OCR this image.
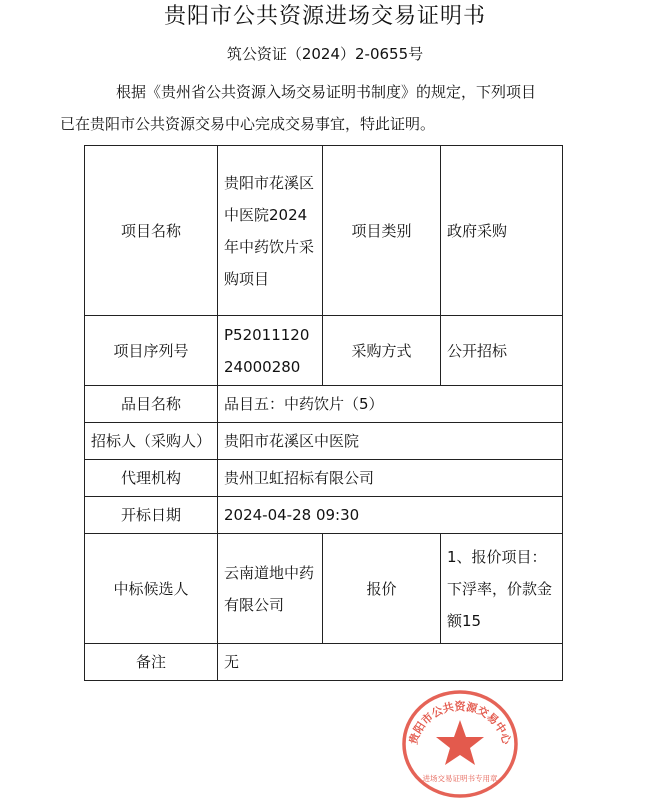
贵阳市公共资源进场交易证明书
筑公资证（2024）2-0655号
根据《贵州省公共资源入场交易证明书制度》的规定，下列项目
已在贵阳市公共资源交易中心完成交易事宜，特此证明。
项目名称	贵阳市花溪区中医院2024年中药饮片采购项目	项目类别	政府采购
项目序列号	P52011120 24000280	采购方式	公开招标
品目名称	品目五：中药饮片（5）		
招标人（采购人）	贵阳市花溪区中医院		
代理机构	贵州卫虹招标有限公司		
开标日期	2024-04-28 09:30		
中标候选人	云南道地中药有限公司	报价	1、报价项目：下浮率，价款金额15
备注	无		
贵阳市公共资源交易中心
进场交易证明书专用章
